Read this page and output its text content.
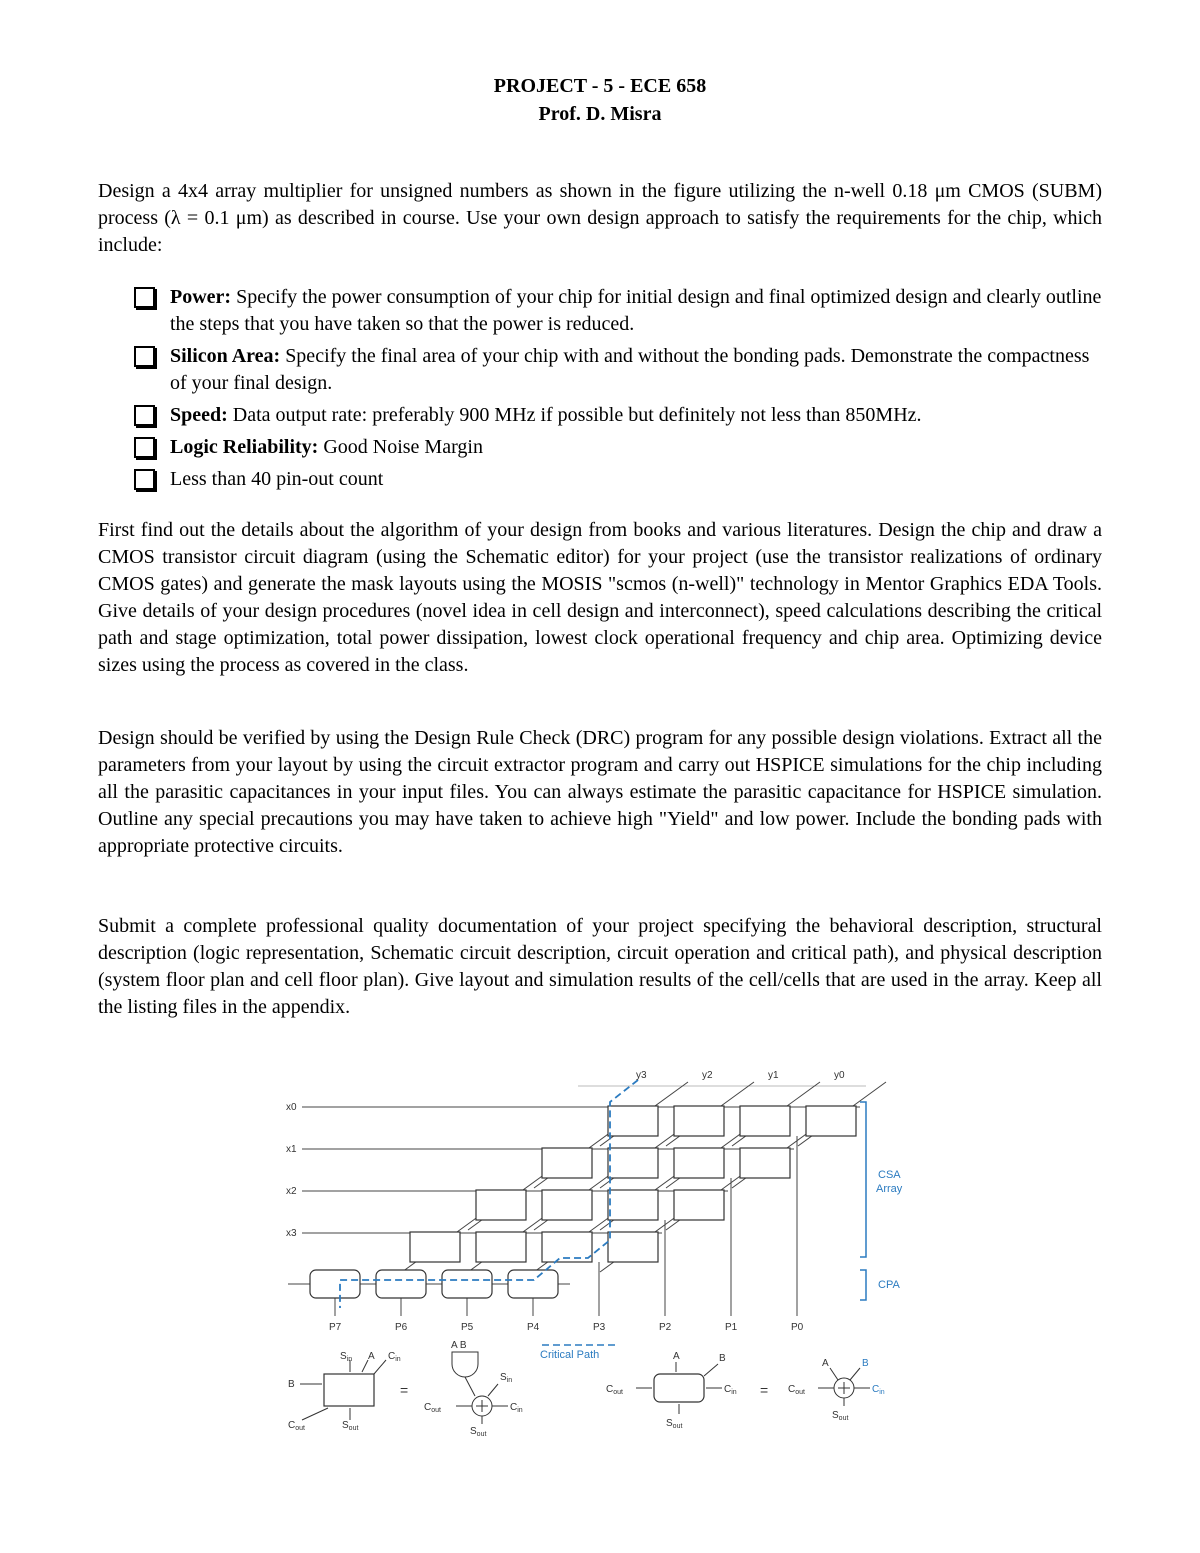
PROJECT - 5 - ECE 658
Prof. D. Misra
Design a 4x4 array multiplier for unsigned numbers as shown in the figure utilizing the n-well 0.18 μm CMOS (SUBM) process (λ = 0.1 μm) as described in course. Use your own design approach to satisfy the requirements for the chip, which include:
Power: Specify the power consumption of your chip for initial design and final optimized design and clearly outline the steps that you have taken so that the power is reduced.
Silicon Area: Specify the final area of your chip with and without the bonding pads. Demonstrate the compactness of your final design.
Speed: Data output rate: preferably 900 MHz if possible but definitely not less than 850MHz.
Logic Reliability: Good Noise Margin
Less than 40 pin-out count
First find out the details about the algorithm of your design from books and various literatures. Design the chip and draw a CMOS transistor circuit diagram (using the Schematic editor) for your project (use the transistor realizations of ordinary CMOS gates) and generate the mask layouts using the MOSIS "scmos (n-well)" technology in Mentor Graphics EDA Tools. Give details of your design procedures (novel idea in cell design and interconnect), speed calculations describing the critical path and stage optimization, total power dissipation, lowest clock operational frequency and chip area. Optimizing device sizes using the process as covered in the class.
Design should be verified by using the Design Rule Check (DRC) program for any possible design violations. Extract all the parameters from your layout by using the circuit extractor program and carry out HSPICE simulations for the chip including all the parasitic capacitances in your input files. You can always estimate the parasitic capacitance for HSPICE simulation. Outline any special precautions you may have taken to achieve high "Yield" and low power. Include the bonding pads with appropriate protective circuits.
Submit a complete professional quality documentation of your project specifying the behavioral description, structural description (logic representation, Schematic circuit description, circuit operation and critical path), and physical description (system floor plan and cell floor plan). Give layout and simulation results of the cell/cells that are used in the array. Keep all the listing files in the appendix.
y3	y2	y1	y0
x0
x1
x2
x3
P7	P6	P5	P4	P3	P2	P1	P0
CSA
Array
CPA
Critical Path
B
$S_{in}$ A $C_{in}$
$C_{out}$	$S_{out}$
=
A B
$S_{in}$
$C_{in}$
$C_{out}$
$S_{out}$
A	B
$C_{in}$
$C_{out}$
$S_{out}$
=
A	B
$C_{in}$
$C_{out}$
$S_{out}$
